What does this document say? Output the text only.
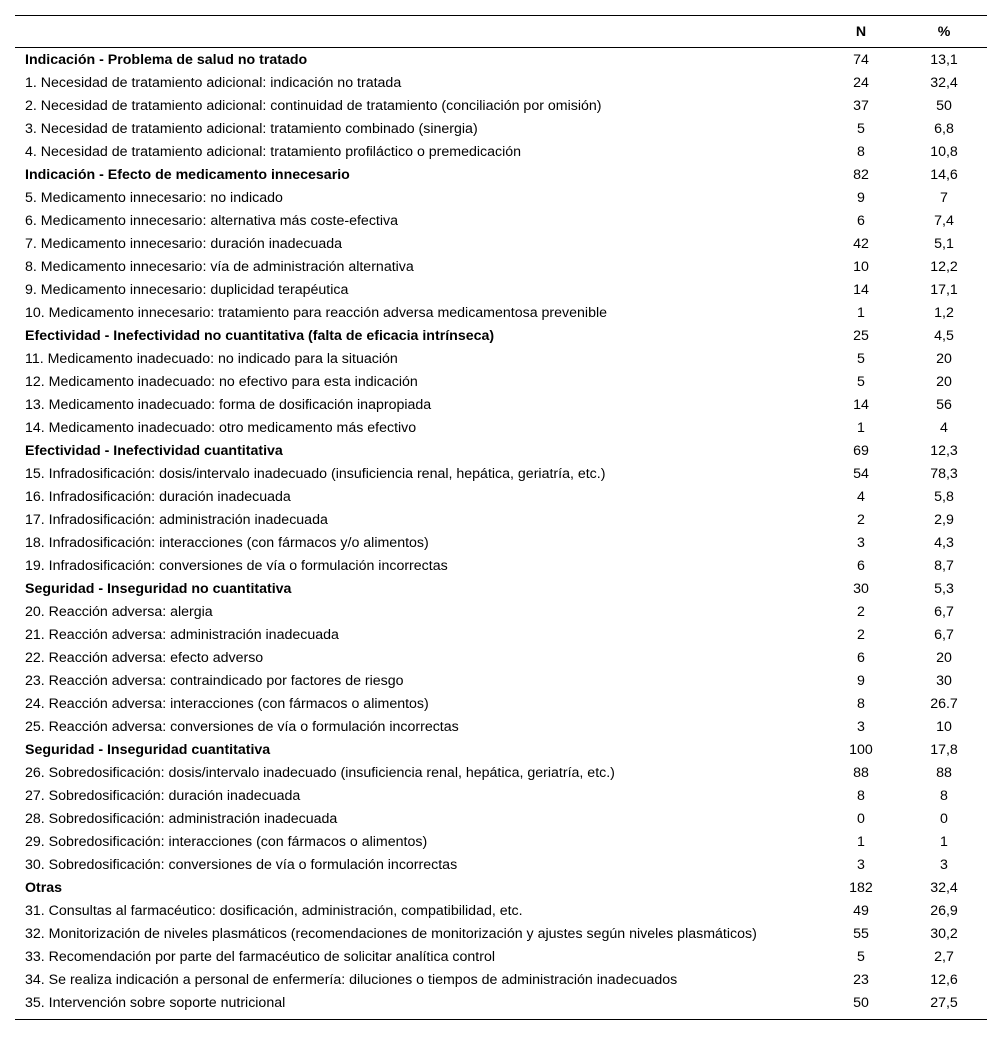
	N	%
Indicación - Problema de salud no tratado	74	13,1
1. Necesidad de tratamiento adicional: indicación no tratada	24	32,4
2. Necesidad de tratamiento adicional: continuidad de tratamiento (conciliación por omisión)	37	50
3. Necesidad de tratamiento adicional: tratamiento combinado (sinergia)	5	6,8
4. Necesidad de tratamiento adicional: tratamiento profiláctico o premedicación	8	10,8
Indicación - Efecto de medicamento innecesario	82	14,6
5. Medicamento innecesario: no indicado	9	7
6. Medicamento innecesario: alternativa más coste-efectiva	6	7,4
7. Medicamento innecesario: duración inadecuada	42	5,1
8. Medicamento innecesario: vía de administración alternativa	10	12,2
9. Medicamento innecesario: duplicidad terapéutica	14	17,1
10. Medicamento innecesario: tratamiento para reacción adversa medicamentosa prevenible	1	1,2
Efectividad - Inefectividad no cuantitativa (falta de eficacia intrínseca)	25	4,5
11. Medicamento inadecuado: no indicado para la situación	5	20
12. Medicamento inadecuado: no efectivo para esta indicación	5	20
13. Medicamento inadecuado: forma de dosificación inapropiada	14	56
14. Medicamento inadecuado: otro medicamento más efectivo	1	4
Efectividad - Inefectividad cuantitativa	69	12,3
15. Infradosificación: dosis/intervalo inadecuado (insuficiencia renal, hepática, geriatría, etc.)	54	78,3
16. Infradosificación: duración inadecuada	4	5,8
17. Infradosificación: administración inadecuada	2	2,9
18. Infradosificación: interacciones (con fármacos y/o alimentos)	3	4,3
19. Infradosificación: conversiones de vía o formulación incorrectas	6	8,7
Seguridad - Inseguridad no cuantitativa	30	5,3
20. Reacción adversa: alergia	2	6,7
21. Reacción adversa: administración inadecuada	2	6,7
22. Reacción adversa: efecto adverso	6	20
23. Reacción adversa: contraindicado por factores de riesgo	9	30
24. Reacción adversa: interacciones (con fármacos o alimentos)	8	26.7
25. Reacción adversa: conversiones de vía o formulación incorrectas	3	10
Seguridad - Inseguridad cuantitativa	100	17,8
26. Sobredosificación: dosis/intervalo inadecuado (insuficiencia renal, hepática, geriatría, etc.)	88	88
27. Sobredosificación: duración inadecuada	8	8
28. Sobredosificación: administración inadecuada	0	0
29. Sobredosificación: interacciones (con fármacos o alimentos)	1	1
30. Sobredosificación: conversiones de vía o formulación incorrectas	3	3
Otras	182	32,4
31. Consultas al farmacéutico: dosificación, administración, compatibilidad, etc.	49	26,9
32. Monitorización de niveles plasmáticos (recomendaciones de monitorización y ajustes según niveles plasmáticos)	55	30,2
33. Recomendación por parte del farmacéutico de solicitar analítica control	5	2,7
34. Se realiza indicación a personal de enfermería: diluciones o tiempos de administración inadecuados	23	12,6
35. Intervención sobre soporte nutricional	50	27,5
